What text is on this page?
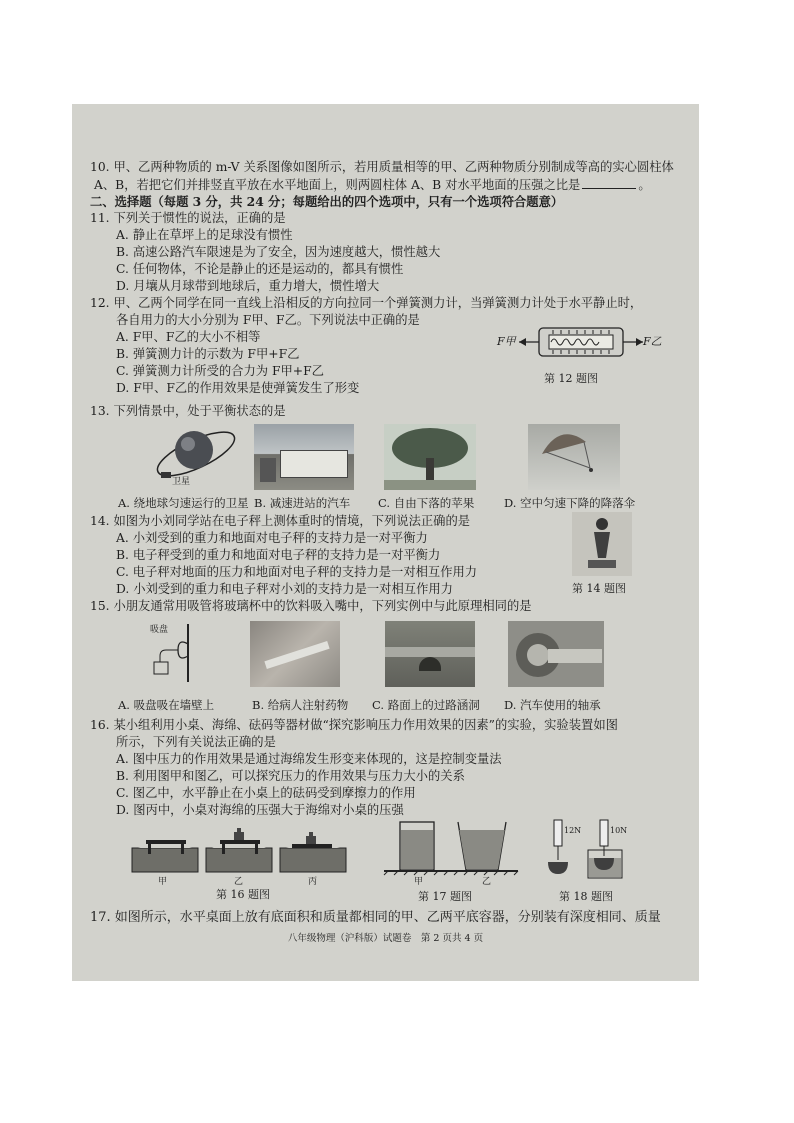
10. 甲、乙两种物质的 m-V 关系图像如图所示，若用质量相等的甲、乙两种物质分别制成等高的实心圆柱体
A、B，若把它们并排竖直平放在水平地面上，则两圆柱体 A、B 对水平地面的压强之比是	。
二、选择题（每题 3 分，共 24 分；每题给出的四个选项中，只有一个选项符合题意）
11. 下列关于惯性的说法，正确的是
A. 静止在草坪上的足球没有惯性
B. 高速公路汽车限速是为了安全，因为速度越大，惯性越大
C. 任何物体，不论是静止的还是运动的，都具有惯性
D. 月壤从月球带到地球后，重力增大，惯性增大
12. 甲、乙两个同学在同一直线上沿相反的方向拉同一个弹簧测力计，当弹簧测力计处于水平静止时，
各自用力的大小分别为 F甲、F乙。下列说法中正确的是
A. F甲、F乙的大小不相等
B. 弹簧测力计的示数为 F甲+F乙
C. 弹簧测力计所受的合力为 F甲+F乙
D. F甲、F乙的作用效果是使弹簧发生了形变
F甲	F乙
第 12 题图
13. 下列情景中，处于平衡状态的是
卫星
A. 绕地球匀速运行的卫星 B. 减速进站的汽车 C. 自由下落的苹果	D. 空中匀速下降的降落伞
14. 如图为小刘同学站在电子秤上测体重时的情境，下列说法正确的是
A. 小刘受到的重力和地面对电子秤的支持力是一对平衡力
B. 电子秤受到的重力和地面对电子秤的支持力是一对平衡力
C. 电子秤对地面的压力和地面对电子秤的支持力是一对相互作用力
D. 小刘受到的重力和电子秤对小刘的支持力是一对相互作用力	第 14 题图
15. 小朋友通常用吸管将玻璃杯中的饮料吸入嘴中，下列实例中与此原理相同的是
吸盘
A. 吸盘吸在墙壁上	B. 给病人注射药物 C. 路面上的过路涵洞 D. 汽车使用的轴承
16. 某小组利用小桌、海绵、砝码等器材做“探究影响压力作用效果的因素”的实验，实验装置如图
所示，下列有关说法正确的是
A. 图中压力的作用效果是通过海绵发生形变来体现的，这是控制变量法
B. 利用图甲和图乙，可以探究压力的作用效果与压力大小的关系
C. 图乙中，水平静止在小桌上的砝码受到摩擦力的作用
D. 图丙中，小桌对海绵的压强大于海绵对小桌的压强
甲	乙	丙
第 16 题图
甲	乙
第 17 题图
12N	10N
第 18 题图
17. 如图所示，水平桌面上放有底面积和质量都相同的甲、乙两平底容器，分别装有深度相同、质量
八年级物理（沪科版）试题卷　第 2 页共 4 页
